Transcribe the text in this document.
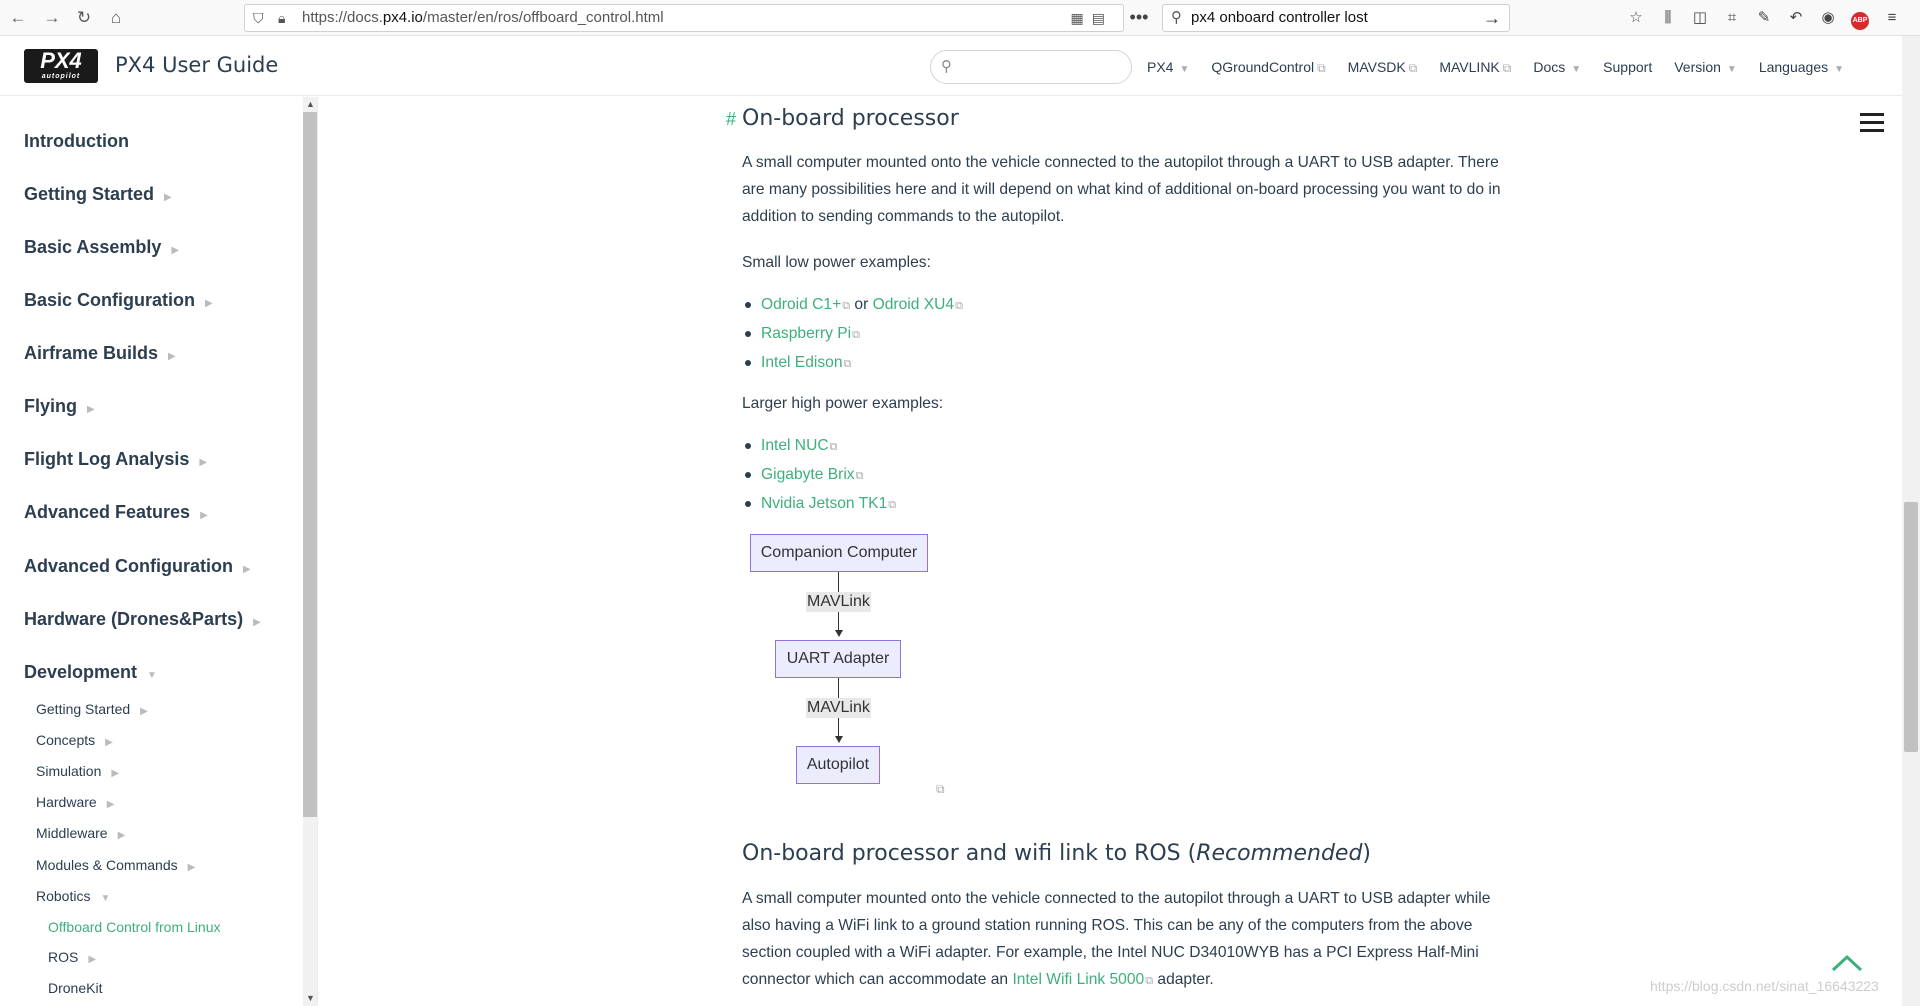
← → ↻	⌂	⛉ 🔒︎ https://docs.px4.io/master/en/ros/offboard_control.html	▦▤ •••	⚲ px4 onboard controller lost	→	☆	⫼	◫	⌗	✎	↶	◉	ABP	≡
PX4
autopilot	PX4 User Guide	⚲	PX4 ▼ QGroundControl ⧉ MAVSDK ⧉ MAVLINK ⧉ Docs ▼ Support Version ▼ Languages ▼
Introduction
Getting Started ▶
Basic Assembly ▶
Basic Configuration ▶
Airframe Builds ▶
Flying ▶
Flight Log Analysis ▶
Advanced Features ▶
Advanced Configuration ▶
Hardware (Drones&Parts) ▶
Development ▼
Getting Started ▶
Concepts ▶
Simulation ▶
Hardware ▶
Middleware ▶
Modules & Commands ▶
Robotics ▼
Offboard Control from Linux
ROS ▶
DroneKit
▲
▼
# On-board processor

A small computer mounted onto the vehicle connected to the autopilot through a UART to USB adapter. There are many possibilities here and it will depend on what kind of additional on-board processing you want to do in addition to sending commands to the autopilot.

Small low power examples:

Odroid C1+⧉ or Odroid XU4⧉
Raspberry Pi⧉
Intel Edison⧉

Larger high power examples:

Intel NUC⧉
Gigabyte Brix⧉
Nvidia Jetson TK1⧉
On-board processor and wifi link to ROS (Recommended)

A small computer mounted onto the vehicle connected to the autopilot through a UART to USB adapter while also having a WiFi link to a ground station running ROS. This can be any of the computers from the above section coupled with a WiFi adapter. For example, the Intel NUC D34010WYB has a PCI Express Half-Mini connector which can accommodate an Intel Wifi Link 5000⧉ adapter.

Companion Computer
MAVLink
UART Adapter
MAVLink
Autopilot
⧉
https://blog.csdn.net/sinat_16643223
